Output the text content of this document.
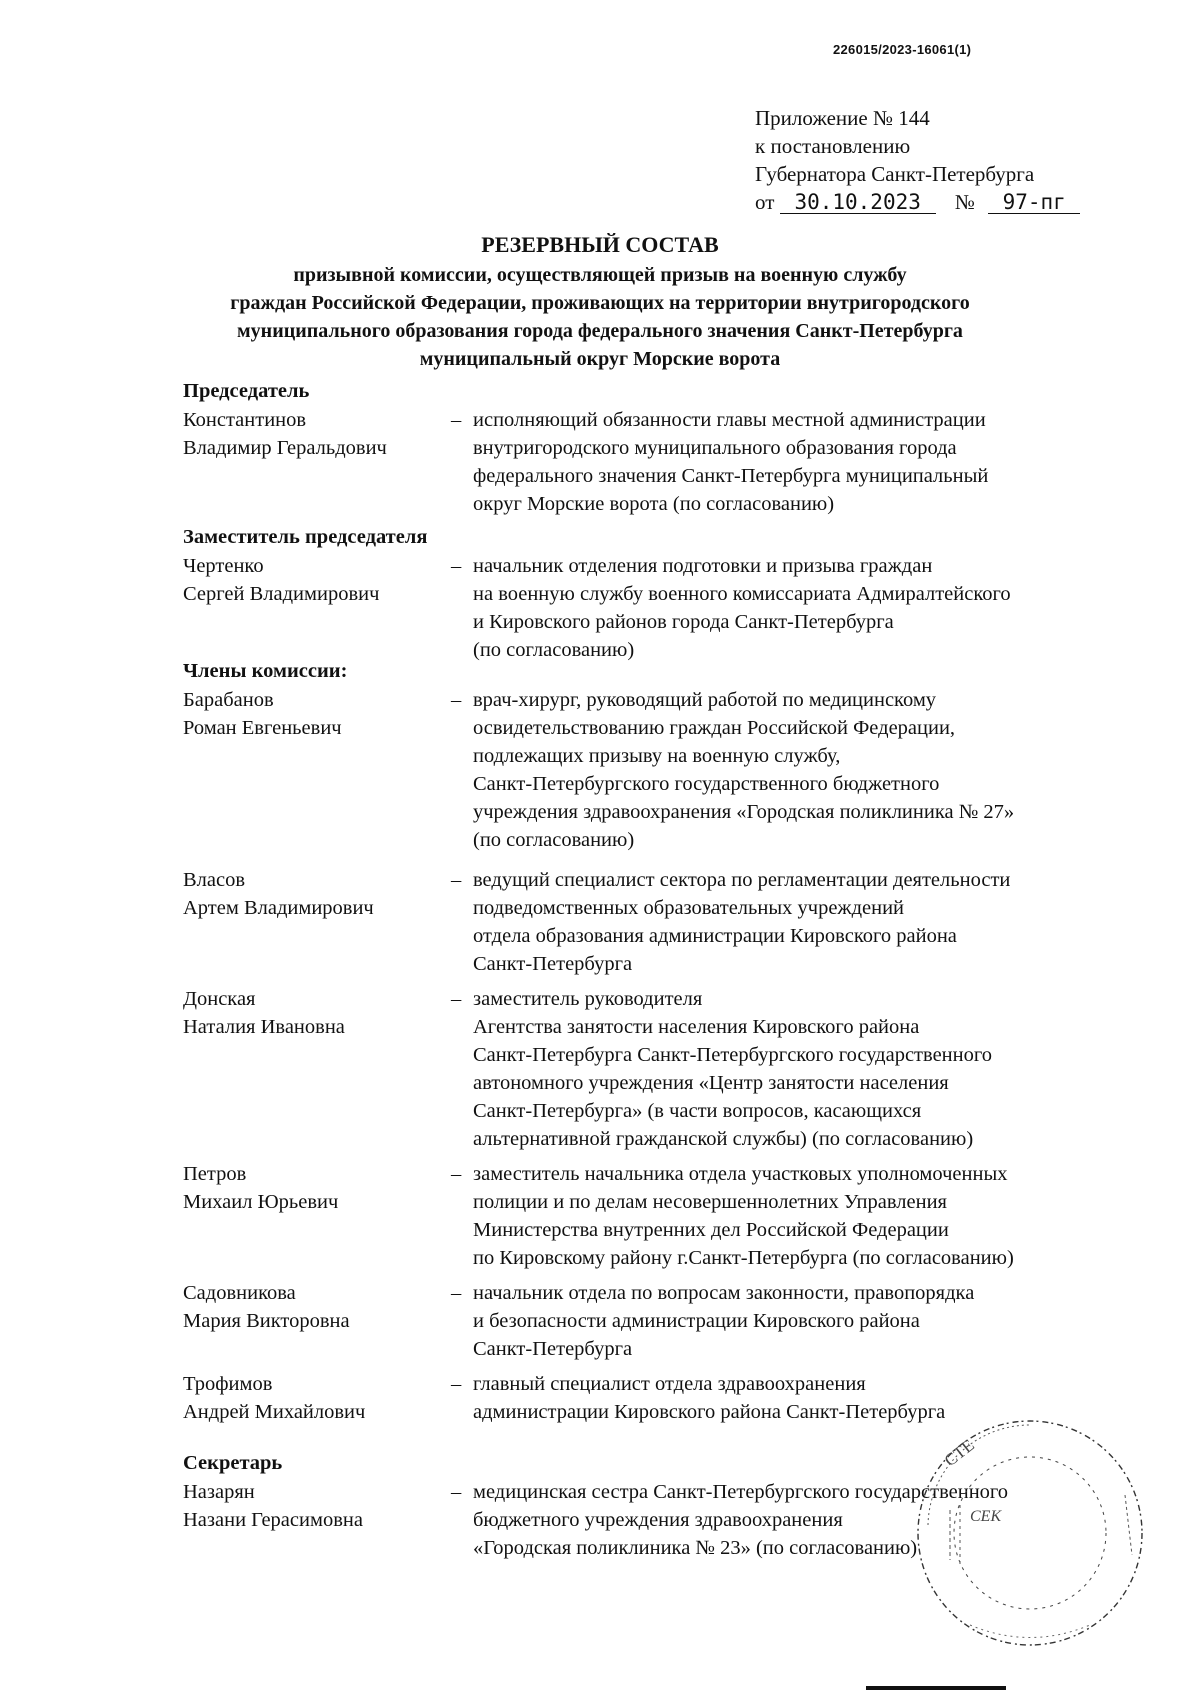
226015/2023-16061(1)
Приложение № 144
к постановлению
Губернатора Санкт-Петербурга
от 30.10.2023 № 97-пг
РЕЗЕРВНЫЙ СОСТАВ
призывной комиссии, осуществляющей призыв на военную службу
граждан Российской Федерации, проживающих на территории внутригородского
муниципального образования города федерального значения Санкт-Петербурга
муниципальный округ Морские ворота
Председатель
Константинов
Владимир Геральдович
– исполняющий обязанности главы местной администрации
внутригородского муниципального образования города
федерального значения Санкт-Петербурга муниципальный
округ Морские ворота (по согласованию)
Заместитель председателя
Чертенко
Сергей Владимирович
– начальник отделения подготовки и призыва граждан
на военную службу военного комиссариата Адмиралтейского
и Кировского районов города Санкт-Петербурга
(по согласованию)
Члены комиссии:
Барабанов
Роман Евгеньевич
– врач-хирург, руководящий работой по медицинскому
освидетельствованию граждан Российской Федерации,
подлежащих призыву на военную службу,
Санкт-Петербургского государственного бюджетного
учреждения здравоохранения «Городская поликлиника № 27»
(по согласованию)
Власов
Артем Владимирович
– ведущий специалист сектора по регламентации деятельности
подведомственных образовательных учреждений
отдела образования администрации Кировского района
Санкт-Петербурга
Донская
Наталия Ивановна
– заместитель руководителя
Агентства занятости населения Кировского района
Санкт-Петербурга Санкт-Петербургского государственного
автономного учреждения «Центр занятости населения
Санкт-Петербурга» (в части вопросов, касающихся
альтернативной гражданской службы) (по согласованию)
Петров
Михаил Юрьевич
– заместитель начальника отдела участковых уполномоченных
полиции и по делам несовершеннолетних Управления
Министерства внутренних дел Российской Федерации
по Кировскому району г.Санкт-Петербурга (по согласованию)
Садовникова
Мария Викторовна
– начальник отдела по вопросам законности, правопорядка
и безопасности администрации Кировского района
Санкт-Петербурга
Трофимов
Андрей Михайлович
– главный специалист отдела здравоохранения
администрации Кировского района Санкт-Петербурга
Секретарь
Назарян
Назани Герасимовна
– медицинская сестра Санкт-Петербургского государственного
бюджетного учреждения здравоохранения
«Городская поликлиника № 23» (по согласованию)
СТЕ
СЕК
